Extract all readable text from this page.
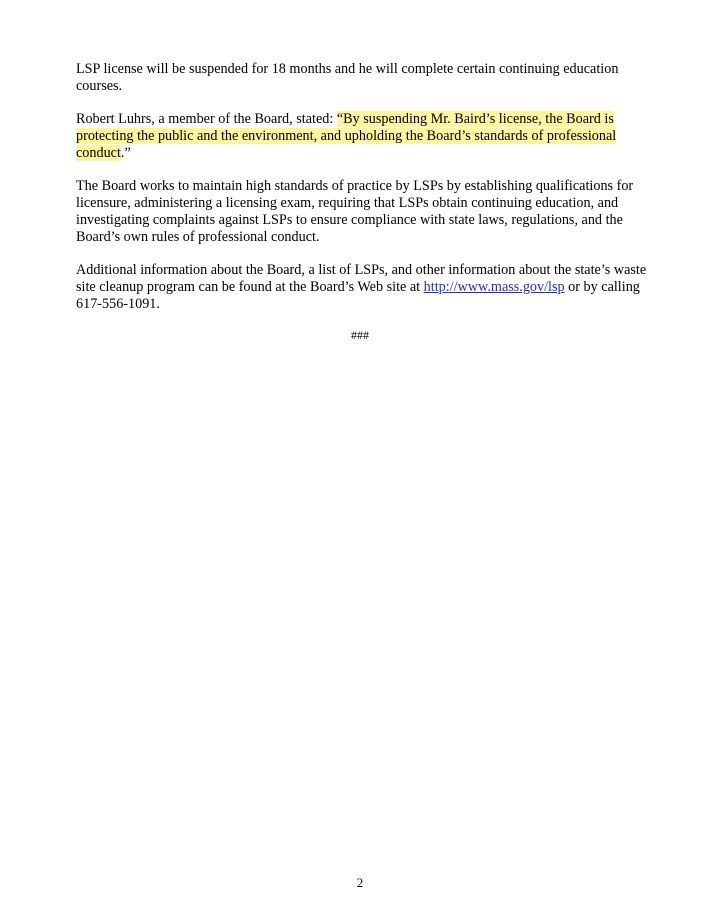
LSP license will be suspended for 18 months and he will complete certain continuing education courses.

Robert Luhrs, a member of the Board, stated: “By suspending Mr. Baird’s license, the Board is protecting the public and the environment, and upholding the Board’s standards of professional conduct.”

The Board works to maintain high standards of practice by LSPs by establishing qualifications for licensure, administering a licensing exam, requiring that LSPs obtain continuing education, and investigating complaints against LSPs to ensure compliance with state laws, regulations, and the Board’s own rules of professional conduct.

Additional information about the Board, a list of LSPs, and other information about the state’s waste site cleanup program can be found at the Board’s Web site at http://www.mass.gov/lsp or by calling 617-556-1091.

###
2
